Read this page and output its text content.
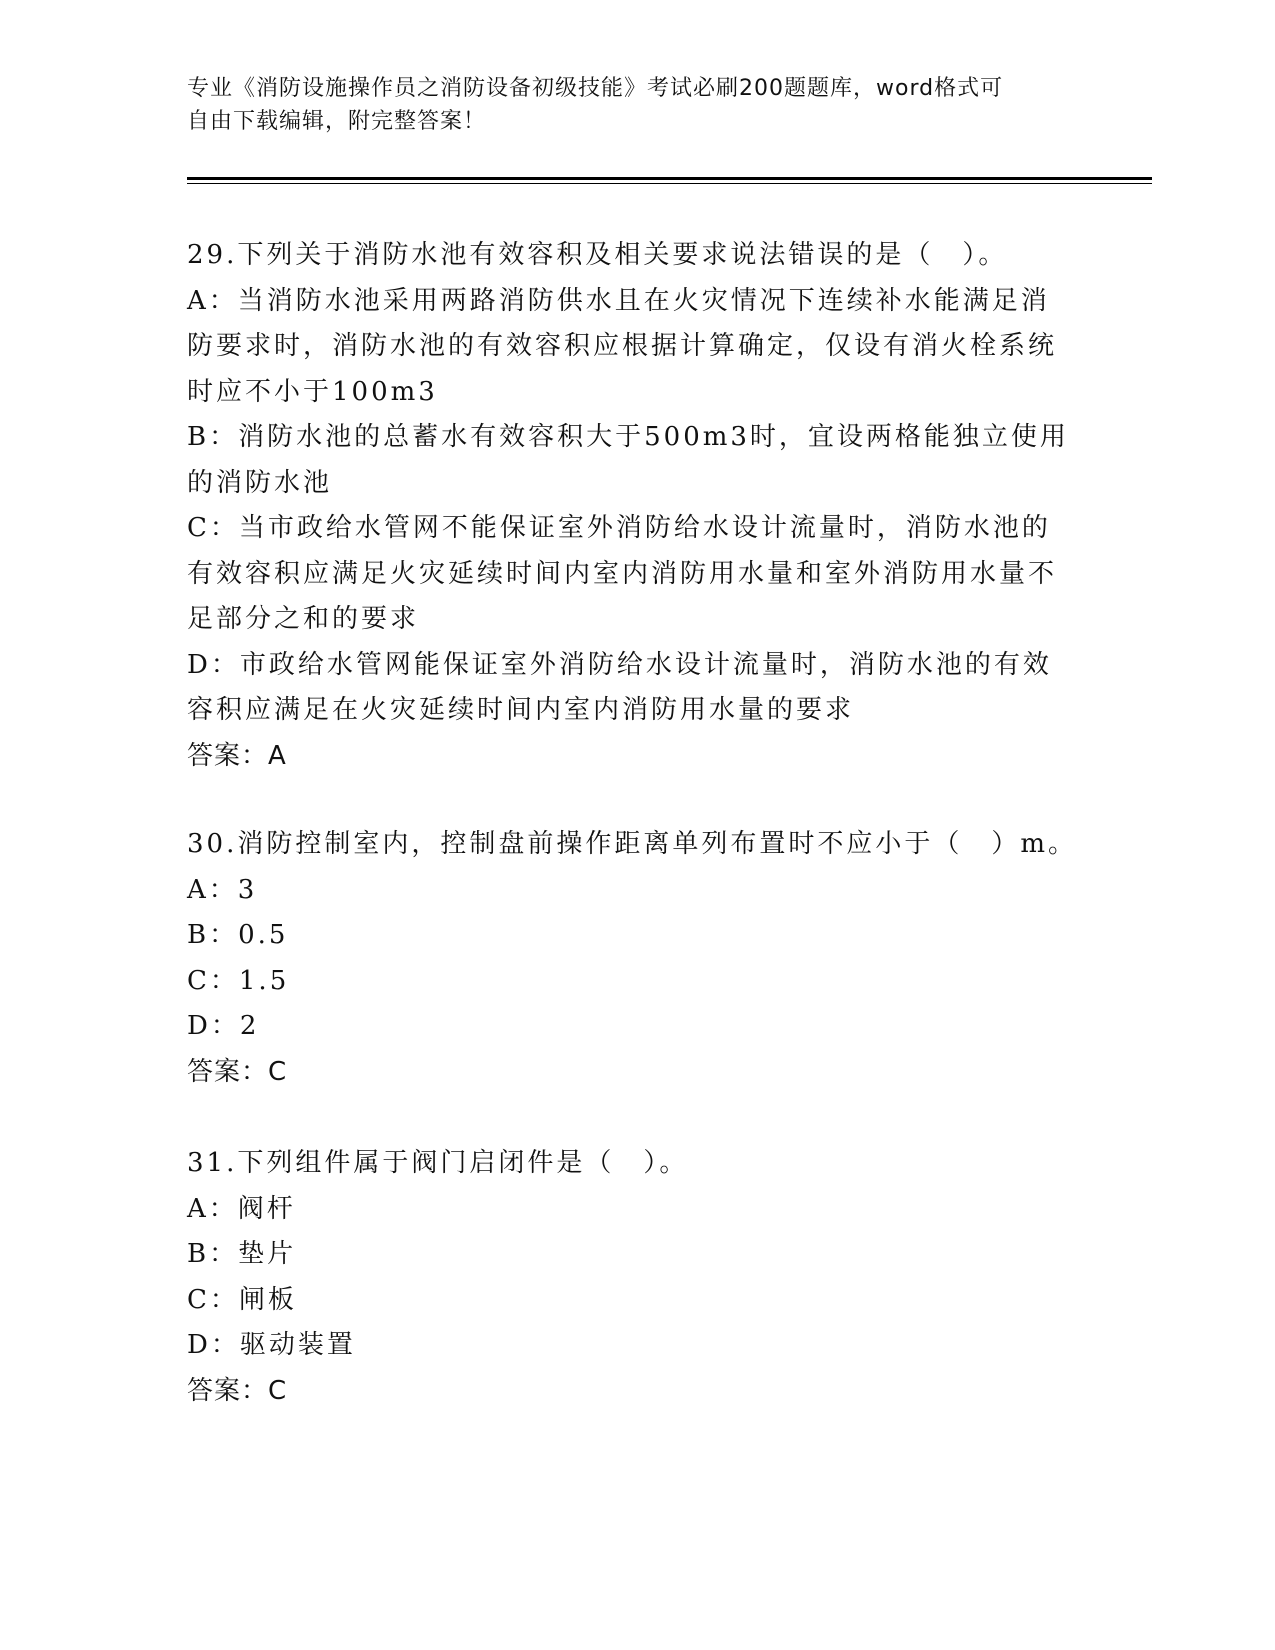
专业《消防设施操作员之消防设备初级技能》考试必刷200题题库，word格式可
自由下载编辑，附完整答案！
29.下列关于消防水池有效容积及相关要求说法错误的是（　）。
A：当消防水池采用两路消防供水且在火灾情况下连续补水能满足消防要求时，消防水池的有效容积应根据计算确定，仅设有消火栓系统时应不小于100m3
B：消防水池的总蓄水有效容积大于500m3时，宜设两格能独立使用的消防水池
C：当市政给水管网不能保证室外消防给水设计流量时，消防水池的有效容积应满足火灾延续时间内室内消防用水量和室外消防用水量不足部分之和的要求
D：市政给水管网能保证室外消防给水设计流量时，消防水池的有效容积应满足在火灾延续时间内室内消防用水量的要求
答案：A
30.消防控制室内，控制盘前操作距离单列布置时不应小于（　）m。
A：3
B：0.5
C：1.5
D：2
答案：C
31.下列组件属于阀门启闭件是（　）。
A：阀杆
B：垫片
C：闸板
D：驱动装置
答案：C
